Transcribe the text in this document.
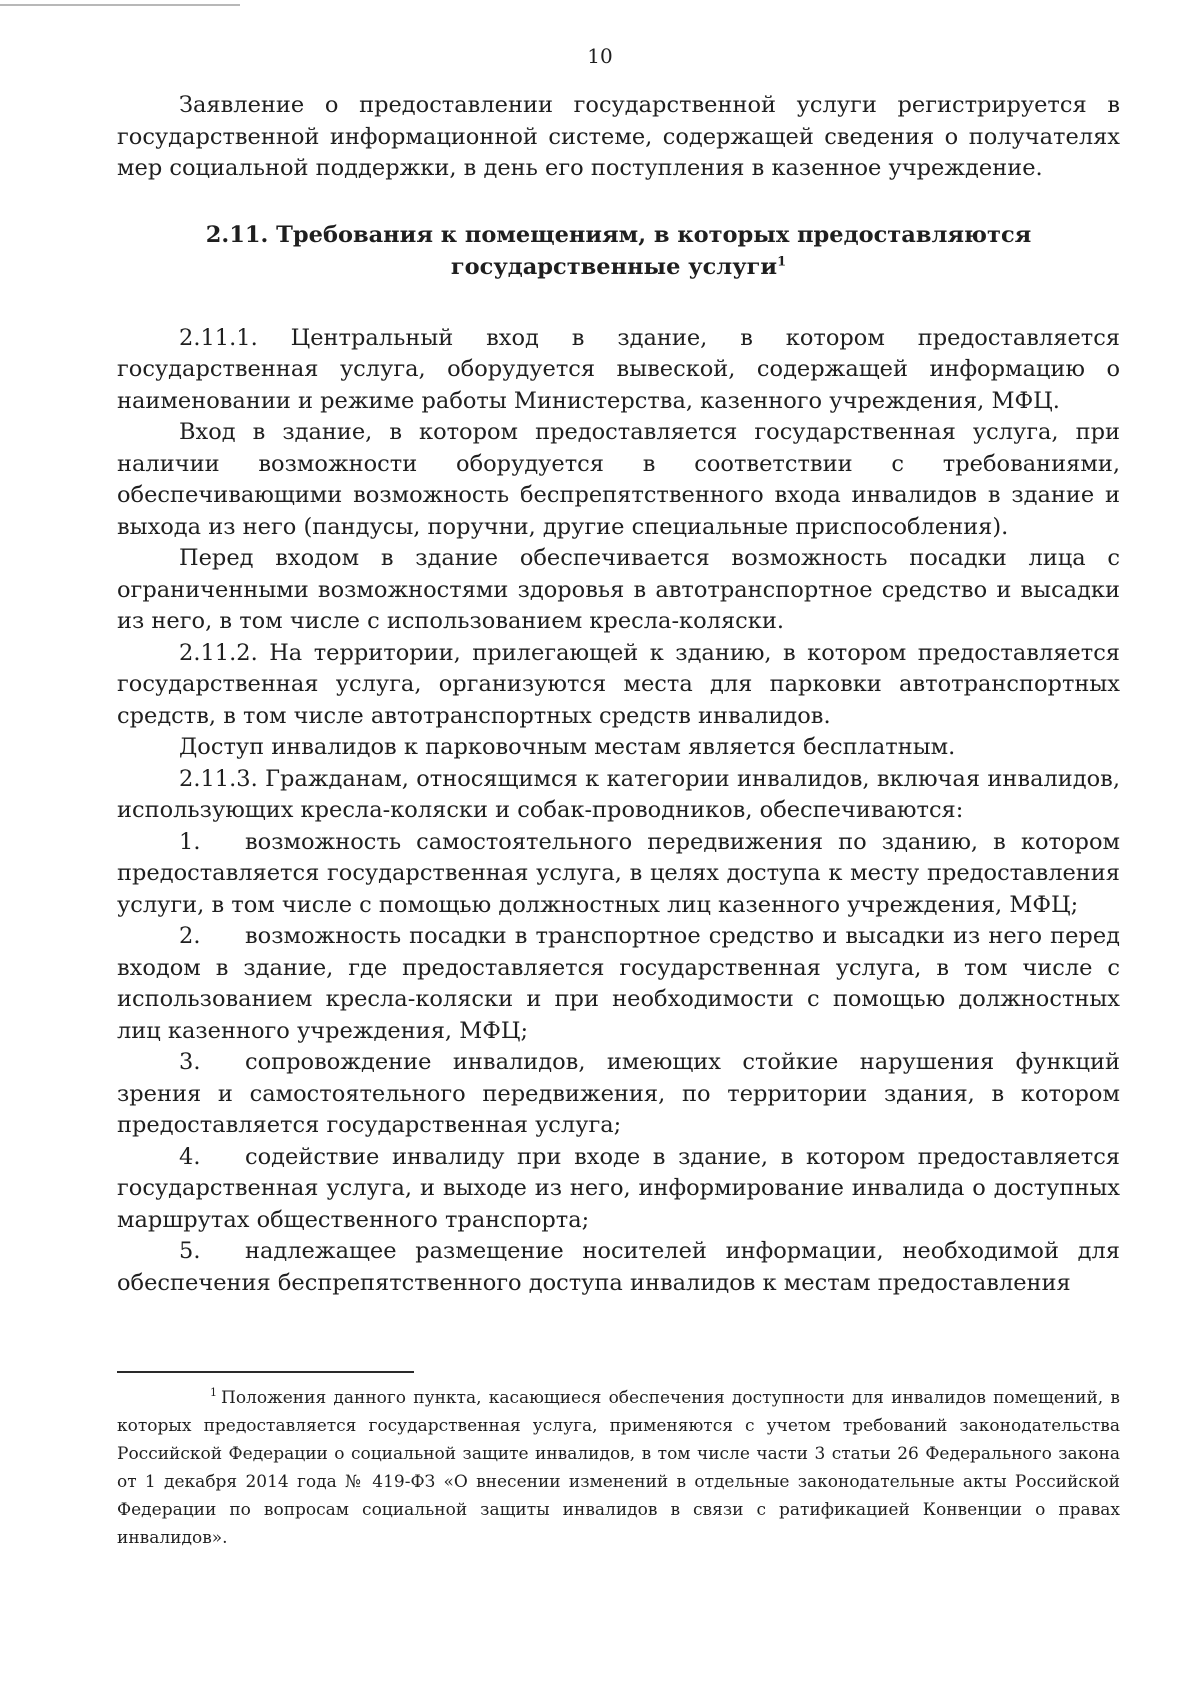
10

Заявление о предоставлении государственной услуги регистрируется в государственной информационной системе, содержащей сведения о получателях мер социальной поддержки, в день его поступления в казенное учреждение.

2.11. Требования к помещениям, в которых предоставляются
государственные услуги$^1$

2.11.1. Центральный вход в здание, в котором предоставляется государственная услуга, оборудуется вывеской, содержащей информацию о наименовании и режиме работы Министерства, казенного учреждения, МФЦ.

Вход в здание, в котором предоставляется государственная услуга, при наличии возможности оборудуется в соответствии с требованиями, обеспечивающими возможность беспрепятственного входа инвалидов в здание и выхода из него (пандусы, поручни, другие специальные приспособления).

Перед входом в здание обеспечивается возможность посадки лица с ограниченными возможностями здоровья в автотранспортное средство и высадки из него, в том числе с использованием кресла-коляски.

2.11.2. На территории, прилегающей к зданию, в котором предоставляется государственная услуга, организуются места для парковки автотранспортных средств, в том числе автотранспортных средств инвалидов.

Доступ инвалидов к парковочным местам является бесплатным.

2.11.3. Гражданам, относящимся к категории инвалидов, включая инвалидов, использующих кресла-коляски и собак-проводников, обеспечиваются:

1. возможность самостоятельного передвижения по зданию, в котором предоставляется государственная услуга, в целях доступа к месту предоставления услуги, в том числе с помощью должностных лиц казенного учреждения, МФЦ;

2. возможность посадки в транспортное средство и высадки из него перед входом в здание, где предоставляется государственная услуга, в том числе с использованием кресла-коляски и при необходимости с помощью должностных лиц казенного учреждения, МФЦ;

3. сопровождение инвалидов, имеющих стойкие нарушения функций зрения и самостоятельного передвижения, по территории здания, в котором предоставляется государственная услуга;

4. содействие инвалиду при входе в здание, в котором предоставляется государственная услуга, и выходе из него, информирование инвалида о доступных маршрутах общественного транспорта;

5. надлежащее размещение носителей информации, необходимой для обеспечения беспрепятственного доступа инвалидов к местам предоставления

$^1$ Положения данного пункта, касающиеся обеспечения доступности для инвалидов помещений, в которых предоставляется государственная услуга, применяются с учетом требований законодательства Российской Федерации о социальной защите инвалидов, в том числе части 3 статьи 26 Федерального закона от 1 декабря 2014 года № 419-ФЗ «О внесении изменений в отдельные законодательные акты Российской Федерации по вопросам социальной защиты инвалидов в связи с ратификацией Конвенции о правах инвалидов».
